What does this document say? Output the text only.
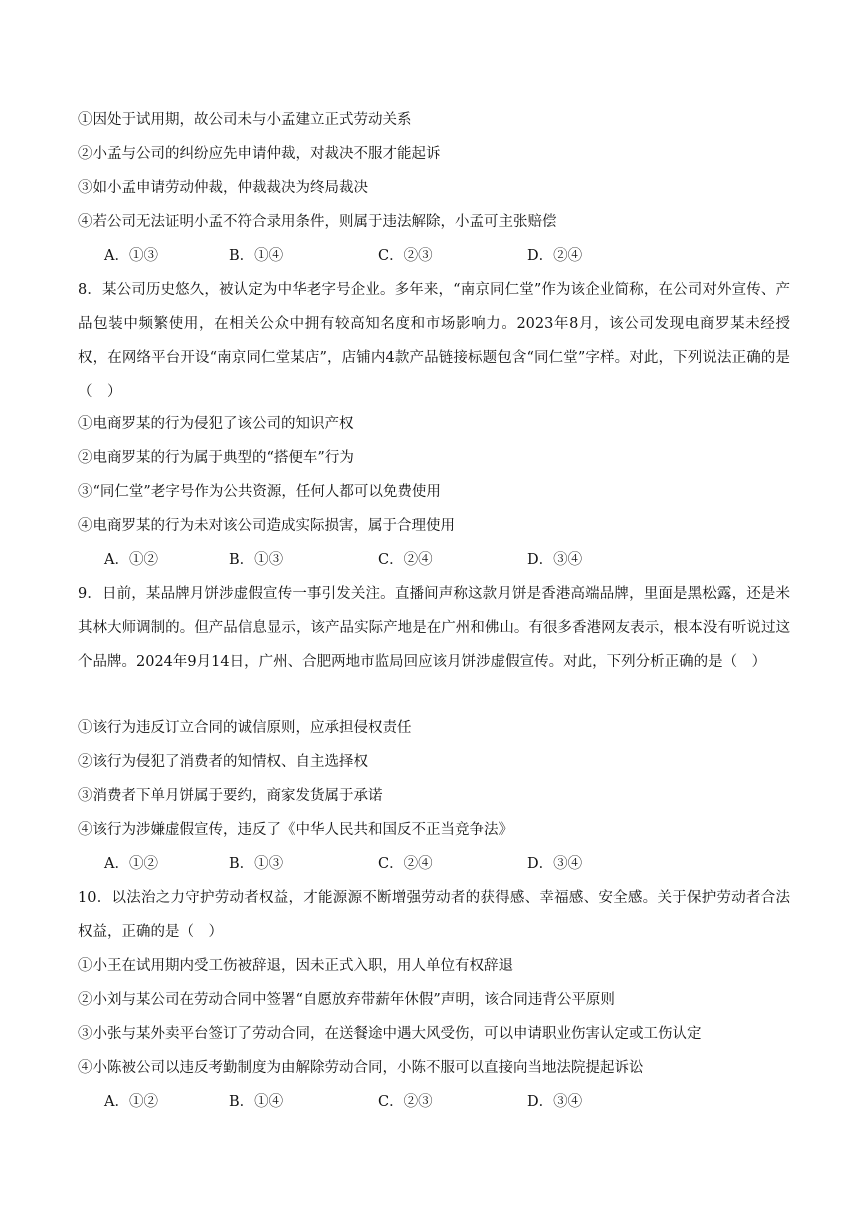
①因处于试用期，故公司未与小孟建立正式劳动关系
②小孟与公司的纠纷应先申请仲裁，对裁决不服才能起诉
③如小孟申请劳动仲裁，仲裁裁决为终局裁决
④若公司无法证明小孟不符合录用条件，则属于违法解除，小孟可主张赔偿
A．①③	B．①④	C．②③	D．②④
8．某公司历史悠久，被认定为中华老字号企业。多年来，“南京同仁堂”作为该企业简称，在公司对外宣传、产品包装中频繁使用，在相关公众中拥有较高知名度和市场影响力。2023年8月，该公司发现电商罗某未经授权，在网络平台开设“南京同仁堂某店”，店铺内4款产品链接标题包含“同仁堂”字样。对此，下列说法正确的是（　）
①电商罗某的行为侵犯了该公司的知识产权
②电商罗某的行为属于典型的“搭便车”行为
③“同仁堂”老字号作为公共资源，任何人都可以免费使用
④电商罗某的行为未对该公司造成实际损害，属于合理使用
A．①②	B．①③	C．②④	D．③④
9．日前，某品牌月饼涉虚假宣传一事引发关注。直播间声称这款月饼是香港高端品牌，里面是黑松露，还是米其林大师调制的。但产品信息显示，该产品实际产地是在广州和佛山。有很多香港网友表示，根本没有听说过这个品牌。2024年9月14日，广州、合肥两地市监局回应该月饼涉虚假宣传。对此，下列分析正确的是（　）
①该行为违反订立合同的诚信原则，应承担侵权责任
②该行为侵犯了消费者的知情权、自主选择权
③消费者下单月饼属于要约，商家发货属于承诺
④该行为涉嫌虚假宣传，违反了《中华人民共和国反不正当竞争法》
A．①②	B．①③	C．②④	D．③④
10．以法治之力守护劳动者权益，才能源源不断增强劳动者的获得感、幸福感、安全感。关于保护劳动者合法权益，正确的是（　）
①小王在试用期内受工伤被辞退，因未正式入职，用人单位有权辞退
②小刘与某公司在劳动合同中签署“自愿放弃带薪年休假”声明，该合同违背公平原则
③小张与某外卖平台签订了劳动合同，在送餐途中遇大风受伤，可以申请职业伤害认定或工伤认定
④小陈被公司以违反考勤制度为由解除劳动合同，小陈不服可以直接向当地法院提起诉讼
A．①②	B．①④	C．②③	D．③④
